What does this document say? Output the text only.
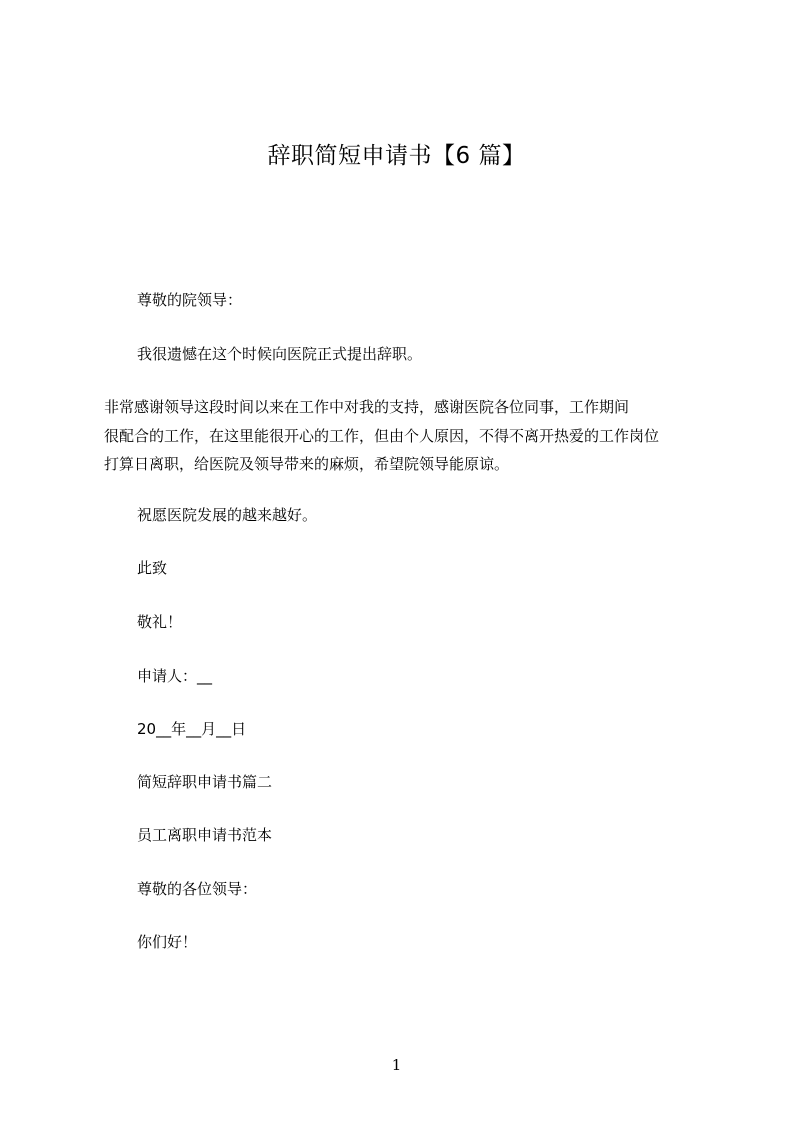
辞职简短申请书【6 篇】
尊敬的院领导：
我很遗憾在这个时候向医院正式提出辞职。
非常感谢领导这段时间以来在工作中对我的支持，感谢医院各位同事，工作期间
很配合的工作，在这里能很开心的工作，但由个人原因，不得不离开热爱的工作岗位
打算日离职，给医院及领导带来的麻烦，希望院领导能原谅。
祝愿医院发展的越来越好。
此致
敬礼！
申请人：__
20__年__月__日
简短辞职申请书篇二
员工离职申请书范本
尊敬的各位领导：
你们好！
1
